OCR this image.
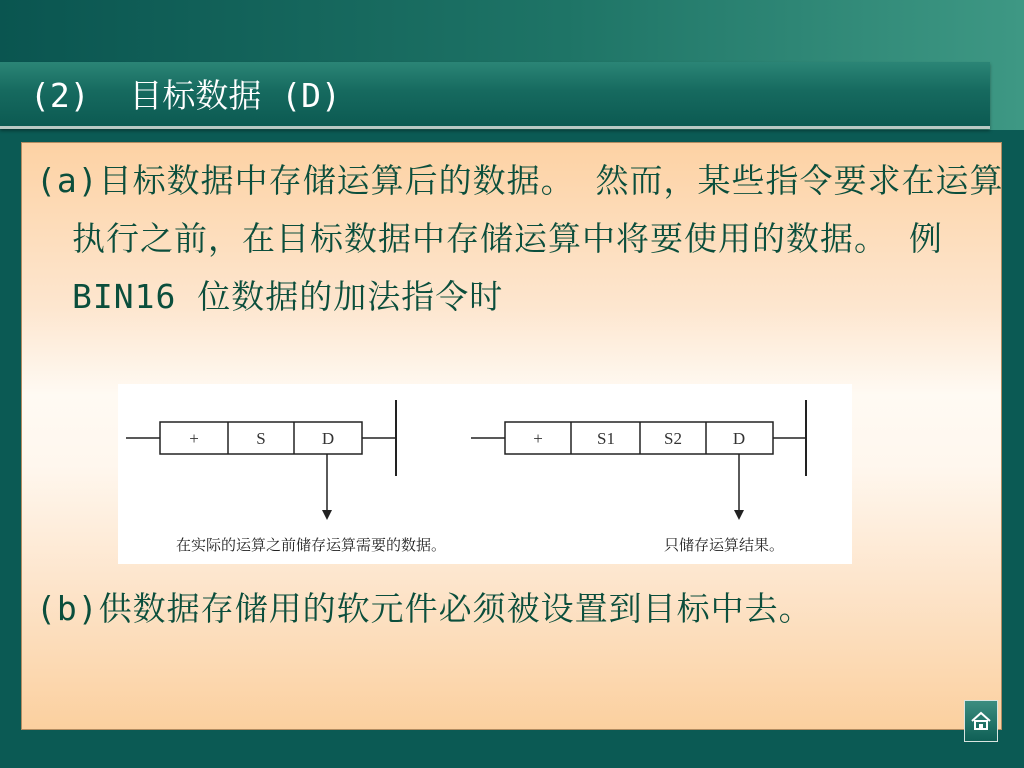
(2)  目标数据 (D)

(a)目标数据中存储运算后的数据。 然而，某些指令要求在运算执行之前，在目标数据中存储运算中将要使用的数据。 例BIN16 位数据的加法指令时

+	S	D	+	S1	S2	D
在实际的运算之前储存运算需要的数据。	只储存运算结果。

(b)供数据存储用的软元件必须被设置到目标中去。
